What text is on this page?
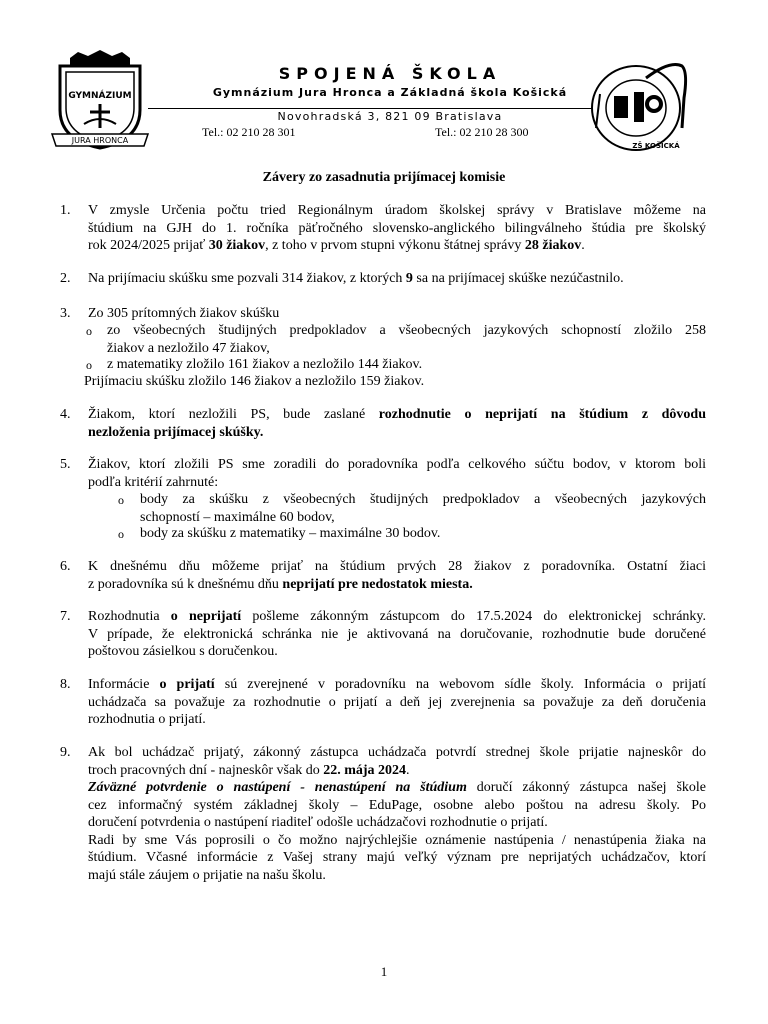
GYMNÁZIUM
JURA HRONCA
SPOJENÁ ŠKOLA
Gymnázium Jura Hronca a Základná škola Košická
Novohradská 3, 821 09 Bratislava
Tel.: 02 210 28 301	Tel.: 02 210 28 300
ZŠ KOŠICKÁ
Závery zo zasadnutia prijímacej komisie
1. V zmysle Určenia počtu tried Regionálnym úradom školskej správy v Bratislave môžeme na

štúdium na GJH do 1. ročníka päťročného slovensko-anglického bilingválneho štúdia pre školský

rok 2024/2025 prijať 30 žiakov, z toho v prvom stupni výkonu štátnej správy 28 žiakov.

2. Na prijímaciu skúšku sme pozvali 314 žiakov, z ktorých 9 sa na prijímacej skúške nezúčastnilo.

3. Zo 305 prítomných žiakov skúšku

o zo všeobecných študijných predpokladov a všeobecných jazykových schopností zložilo 258

žiakov a nezložilo 47 žiakov,

o z matematiky zložilo 161 žiakov a nezložilo 144 žiakov.

Prijímaciu skúšku zložilo 146 žiakov a nezložilo 159 žiakov.

4. Žiakom, ktorí nezložili PS, bude zaslané rozhodnutie o neprijatí na štúdium z dôvodu

nezloženia prijímacej skúšky.

5. Žiakov, ktorí zložili PS sme zoradili do poradovníka podľa celkového súčtu bodov, v ktorom boli

podľa kritérií zahrnuté:

o body za skúšku z všeobecných študijných predpokladov a všeobecných jazykových

schopností – maximálne 60 bodov,

o body za skúšku z matematiky – maximálne 30 bodov.

6. K dnešnému dňu môžeme prijať na štúdium prvých 28 žiakov z poradovníka. Ostatní žiaci

z poradovníka sú k dnešnému dňu neprijatí pre nedostatok miesta.

7. Rozhodnutia o neprijatí pošleme zákonným zástupcom do 17.5.2024 do elektronickej schránky.

V prípade, že elektronická schránka nie je aktivovaná na doručovanie, rozhodnutie bude doručené

poštovou zásielkou s doručenkou.

8. Informácie o prijatí sú zverejnené v poradovníku na webovom sídle školy. Informácia o prijatí

uchádzača sa považuje za rozhodnutie o prijatí a deň jej zverejnenia sa považuje za deň doručenia

rozhodnutia o prijatí.

9. Ak bol uchádzač prijatý, zákonný zástupca uchádzača potvrdí strednej škole prijatie najneskôr do

troch pracovných dní - najneskôr však do 22. mája 2024.

Záväzné potvrdenie o nastúpení - nenastúpení na štúdium doručí zákonný zástupca našej škole

cez informačný systém základnej školy – EduPage, osobne alebo poštou na adresu školy. Po

doručení potvrdenia o nastúpení riaditeľ odošle uchádzačovi rozhodnutie o prijatí.

Radi by sme Vás poprosili o čo možno najrýchlejšie oznámenie nastúpenia / nenastúpenia žiaka na

štúdium. Včasné informácie z Vašej strany majú veľký význam pre neprijatých uchádzačov, ktorí

majú stále záujem o prijatie na našu školu.

1
